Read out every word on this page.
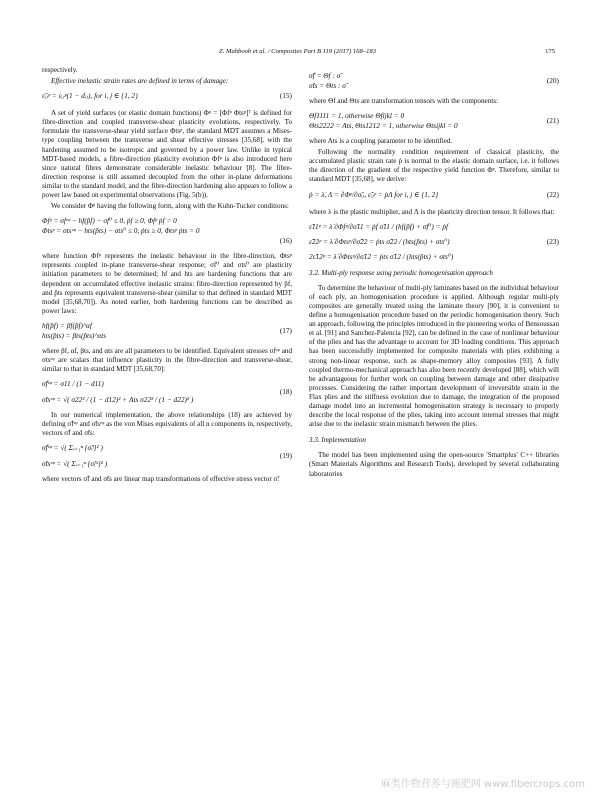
Z. Mahboob et al. / Composites Part B 119 (2017) 168–183	175

respectively.

Effective inelastic strain rates are defined in terms of damage:

ε̃ᵢⱼᵖ = εᵢⱼᵖ(1 − dᵢⱼ), for i, j ∈ {1, 2}	(15)

A set of yield surfaces (or elastic domain functions) Φᵖ = [Φfᵖ Φtsᵖ]ᵀ is defined for fibre-direction and coupled transverse-shear plasticity evolutions, respectively. To formulate the transverse-shear yield surface Φtsᵖ, the standard MDT assumes a Mises-type coupling between the transverse and shear effective stresses [35,68], with the hardening assumed to be isotropic and governed by a power law. Unlike in typical MDT-based models, a fibre-direction plasticity evolution Φfᵖ is also introduced here since natural fibres demonstrate considerable inelastic behaviour [8]. The fibre-direction response is still assumed decoupled from the other in-plane deformations similar to the standard model, and the fibre-direction hardening also appears to follow a power law based on experimental observations (Fig. 5(b)).

We consider Φᵖ having the following form, along with the Kuhn-Tucker conditions:

Φfᵖ = σfᵉᵠ − hf(p̃f) − σf⁰ ≤ 0, ṗf ≥ 0, Φfᵖ ṗf = 0
Φtsᵖ = σtsᵉᵠ − hts(p̃ts) − σts⁰ ≤ 0, ṗts ≥ 0, Φtsᵖ ṗts = 0
(16)

where function Φfᵖ represents the inelastic behaviour in the fibre-direction, Φtsᵖ represents coupled in-plane transverse-shear response; σf⁰ and σts⁰ are plasticity initiation parameters to be determined; hf and hts are hardening functions that are dependent on accumulated effective inelastic strains: fibre-direction represented by p̃f, and p̃ts represents equivalent transverse-shear (similar to that defined in standard MDT model [35,68,70]). As noted earlier, both hardening functions can be described as power laws:

hf(p̃f) = βf(p̃f)^αf
hts(p̃ts) = βts(p̃ts)^αts
(17)

where βf, αf, βts, and αts are all parameters to be identified. Equivalent stresses σfᵉᵠ and σtsᵉᵠ are scalars that influence plasticity in the fibre-direction and transverse-shear, similar to that in standard MDT [35,68,70]:

σ̃fᵉᵠ = σ11 / (1 − d11)
σ̃tsᵉᵠ = √( σ22² / (1 − d12)² + Ats σ22² / (1 − d22)² )
(18)

In our numerical implementation, the above relationships (18) are achieved by defining σ̃fᵉᵠ and σ̃tsᵉᵠ as the von Mises equivalents of all n components in, respectively, vectors σ̃f and σ̃ts:

σ̃fᵉᵠ = √( Σᵢ₌₁ⁿ {σ̃ᵢᶠ}² )
σ̃tsᵉᵠ = √( Σᵢ₌₁ⁿ {σ̃ᵢᵗˢ}² )
(19)

where vectors σ̃f and σ̃ts are linear map transformations of effective stress vector σ̃:

σ̃f = Θf : σ̃
σ̃ts = Θts : σ̃
(20)

where Θf and Θts are transformation tensors with the components:

Θf1111 = 1, otherwise Θfijkl = 0
Θts2222 = Ats, Θts1212 = 1, otherwise Θtsijkl = 0
(21)

where Ats is a coupling parameter to be identified.

Following the normality condition requirement of classical plasticity, the accumulated plastic strain rate ṗ is normal to the elastic domain surface, i.e. it follows the direction of the gradient of the respective yield function Φᵖ. Therefore, similar to standard MDT [35,68], we derive:

ṗ = λ̇, Λ = ∂Φᵖ/∂σ̃ᵢⱼ, ε̃̇ᵢⱼᵖ = ṗΛ for i, j ∈ {1, 2}	(22)

where λ is the plastic multiplier, and Λ is the plasticity direction tensor. It follows that:

ε̃̇11ᵖ = λ̇ ∂Φfᵖ/∂σ̃11 = ṗf σ̃11 / (hf(p̃f) + σf⁰) = ṗf
ε̃̇22ᵖ = λ̇ ∂Φtsᵖ/∂σ̃22 = ṗts σ̃22 / (hts(p̃ts) + σts⁰)
2ε̃̇12ᵖ = λ̇ ∂Φtsᵖ/∂σ̃12 = ṗts σ̃12 / (hts(p̃ts) + σts⁰)
(23)
3.2. Multi-ply response using periodic homogenisation approach

To determine the behaviour of multi-ply laminates based on the individual behaviour of each ply, an homogenisation procedure is applied. Although regular multi-ply composites are generally treated using the laminate theory [90], it is convenient to define a homogenisation procedure based on the periodic homogenisation theory. Such an approach, following the principles introduced in the pioneering works of Bensoussan et al. [91] and Sanchez-Palencia [92], can be defined in the case of nonlinear behaviour of the plies and has the advantage to account for 3D loading conditions. This approach has been successfully implemented for composite materials with plies exhibiting a strong non-linear response, such as shape-memory alloy composites [93]. A fully coupled thermo-mechanical approach has also been recently developed [88], which will be advantageous for further work on coupling between damage and other dissipative processes. Considering the rather important development of irreversible strain in the Flax plies and the stiffness evolution due to damage, the integration of the proposed damage model into an incremental homogenisation strategy is necessary to properly describe the local response of the plies, taking into account internal stresses that might arise due to the inelastic strain mismatch between the plies.

3.3. Implementation

The model has been implemented using the open-source 'Smartplus' C++ libraries (Smart Materials Algorithms and Research Tools), developed by several collaborating laboratories

麻类作物营养与施肥网 www.fibercrops.com
